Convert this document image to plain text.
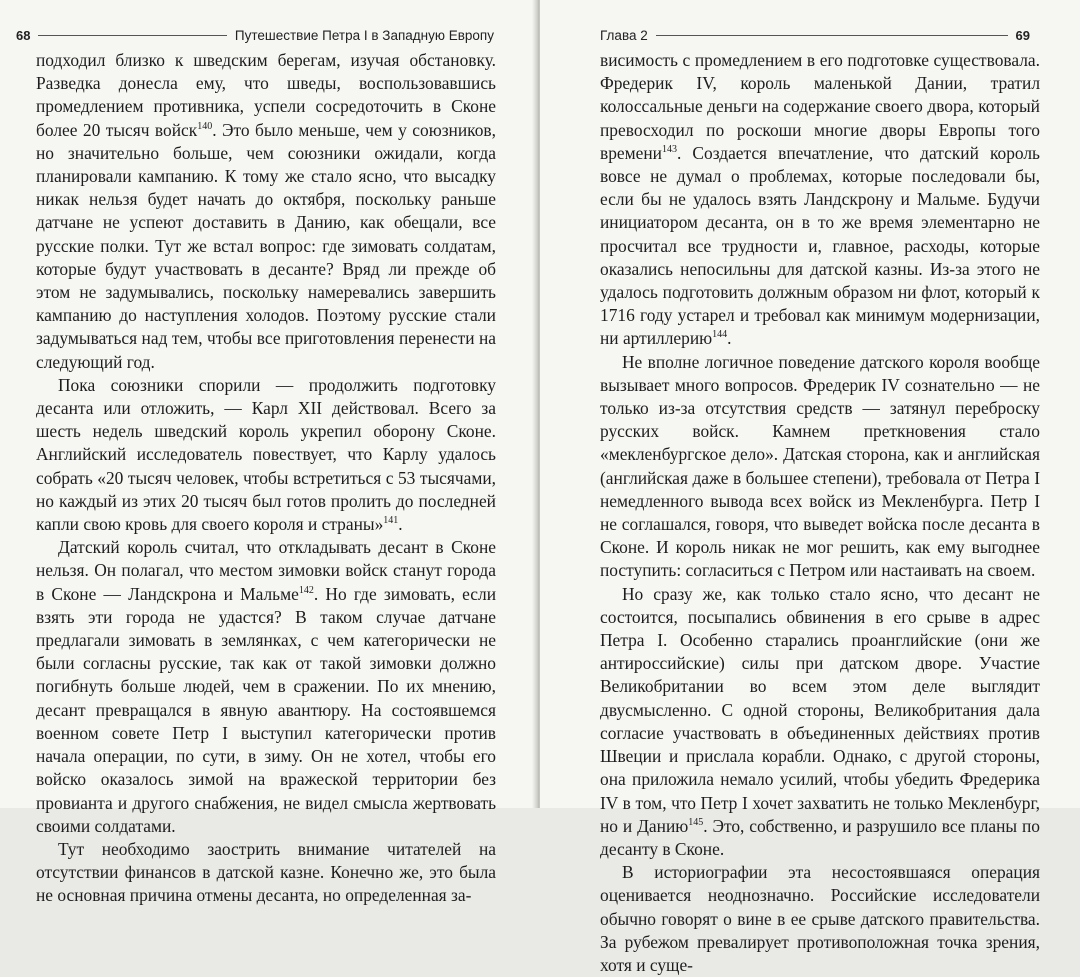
68	Путешествие Петра I в Западную Европу

подходил близко к шведским берегам, изучая обстановку. Разведка донесла ему, что шведы, воспользовавшись промедлением противника, успели сосредоточить в Сконе более 20 тысяч войск$^{140}$. Это было меньше, чем у союзников, но значительно больше, чем союзники ожидали, когда планировали кампанию. К тому же стало ясно, что высадку никак нельзя будет начать до октября, поскольку раньше датчане не успеют доставить в Данию, как обещали, все русские полки. Тут же встал вопрос: где зимовать солдатам, которые будут участвовать в десанте? Вряд ли прежде об этом не задумывались, поскольку намеревались завершить кампанию до наступления холодов. Поэтому русские стали задумываться над тем, чтобы все приготовления перенести на следующий год.

Пока союзники спорили — продолжить подготовку десанта или отложить, — Карл XII действовал. Всего за шесть недель шведский король укрепил оборону Сконе. Английский исследователь повествует, что Карлу удалось собрать «20 тысяч человек, чтобы встретиться с 53 тысячами, но каждый из этих 20 тысяч был готов пролить до последней капли свою кровь для своего короля и страны»$^{141}$.

Датский король считал, что откладывать десант в Сконе нельзя. Он полагал, что местом зимовки войск станут города в Сконе — Ландскрона и Мальме$^{142}$. Но где зимовать, если взять эти города не удастся? В таком случае датчане предлагали зимовать в землянках, с чем категорически не были согласны русские, так как от такой зимовки должно погибнуть больше людей, чем в сражении. По их мнению, десант превращался в явную авантюру. На состоявшемся военном совете Петр I выступил категорически против начала операции, по сути, в зиму. Он не хотел, чтобы его войско оказалось зимой на вражеской территории без провианта и другого снабжения, не видел смысла жертвовать своими солдатами.

Тут необходимо заострить внимание читателей на отсутствии финансов в датской казне. Конечно же, это была не основная причина отмены десанта, но определенная за-

Глава 2	69

висимость с промедлением в его подготовке существовала. Фредерик IV, король маленькой Дании, тратил колоссальные деньги на содержание своего двора, который превосходил по роскоши многие дворы Европы того времени$^{143}$. Создается впечатление, что датский король вовсе не думал о проблемах, которые последовали бы, если бы не удалось взять Ландскрону и Мальме. Будучи инициатором десанта, он в то же время элементарно не просчитал все трудности и, главное, расходы, которые оказались непосильны для датской казны. Из-за этого не удалось подготовить должным образом ни флот, который к 1716 году устарел и требовал как минимум модернизации, ни артиллерию$^{144}$.

Не вполне логичное поведение датского короля вообще вызывает много вопросов. Фредерик IV сознательно — не только из-за отсутствия средств — затянул переброску русских войск. Камнем преткновения стало «мекленбургское дело». Датская сторона, как и английская (английская даже в большее степени), требовала от Петра I немедленного вывода всех войск из Мекленбурга. Петр I не соглашался, говоря, что выведет войска после десанта в Сконе. И король никак не мог решить, как ему выгоднее поступить: согласиться с Петром или настаивать на своем.

Но сразу же, как только стало ясно, что десант не состоится, посыпались обвинения в его срыве в адрес Петра I. Особенно старались проанглийские (они же антироссийские) силы при датском дворе. Участие Великобритании во всем этом деле выглядит двусмысленно. С одной стороны, Великобритания дала согласие участвовать в объединенных действиях против Швеции и прислала корабли. Однако, с другой стороны, она приложила немало усилий, чтобы убедить Фредерика IV в том, что Петр I хочет захватить не только Мекленбург, но и Данию$^{145}$. Это, собственно, и разрушило все планы по десанту в Сконе.

В историографии эта несостоявшаяся операция оценивается неоднозначно. Российские исследователи обычно говорят о вине в ее срыве датского правительства. За рубежом превалирует противоположная точка зрения, хотя и суще-
